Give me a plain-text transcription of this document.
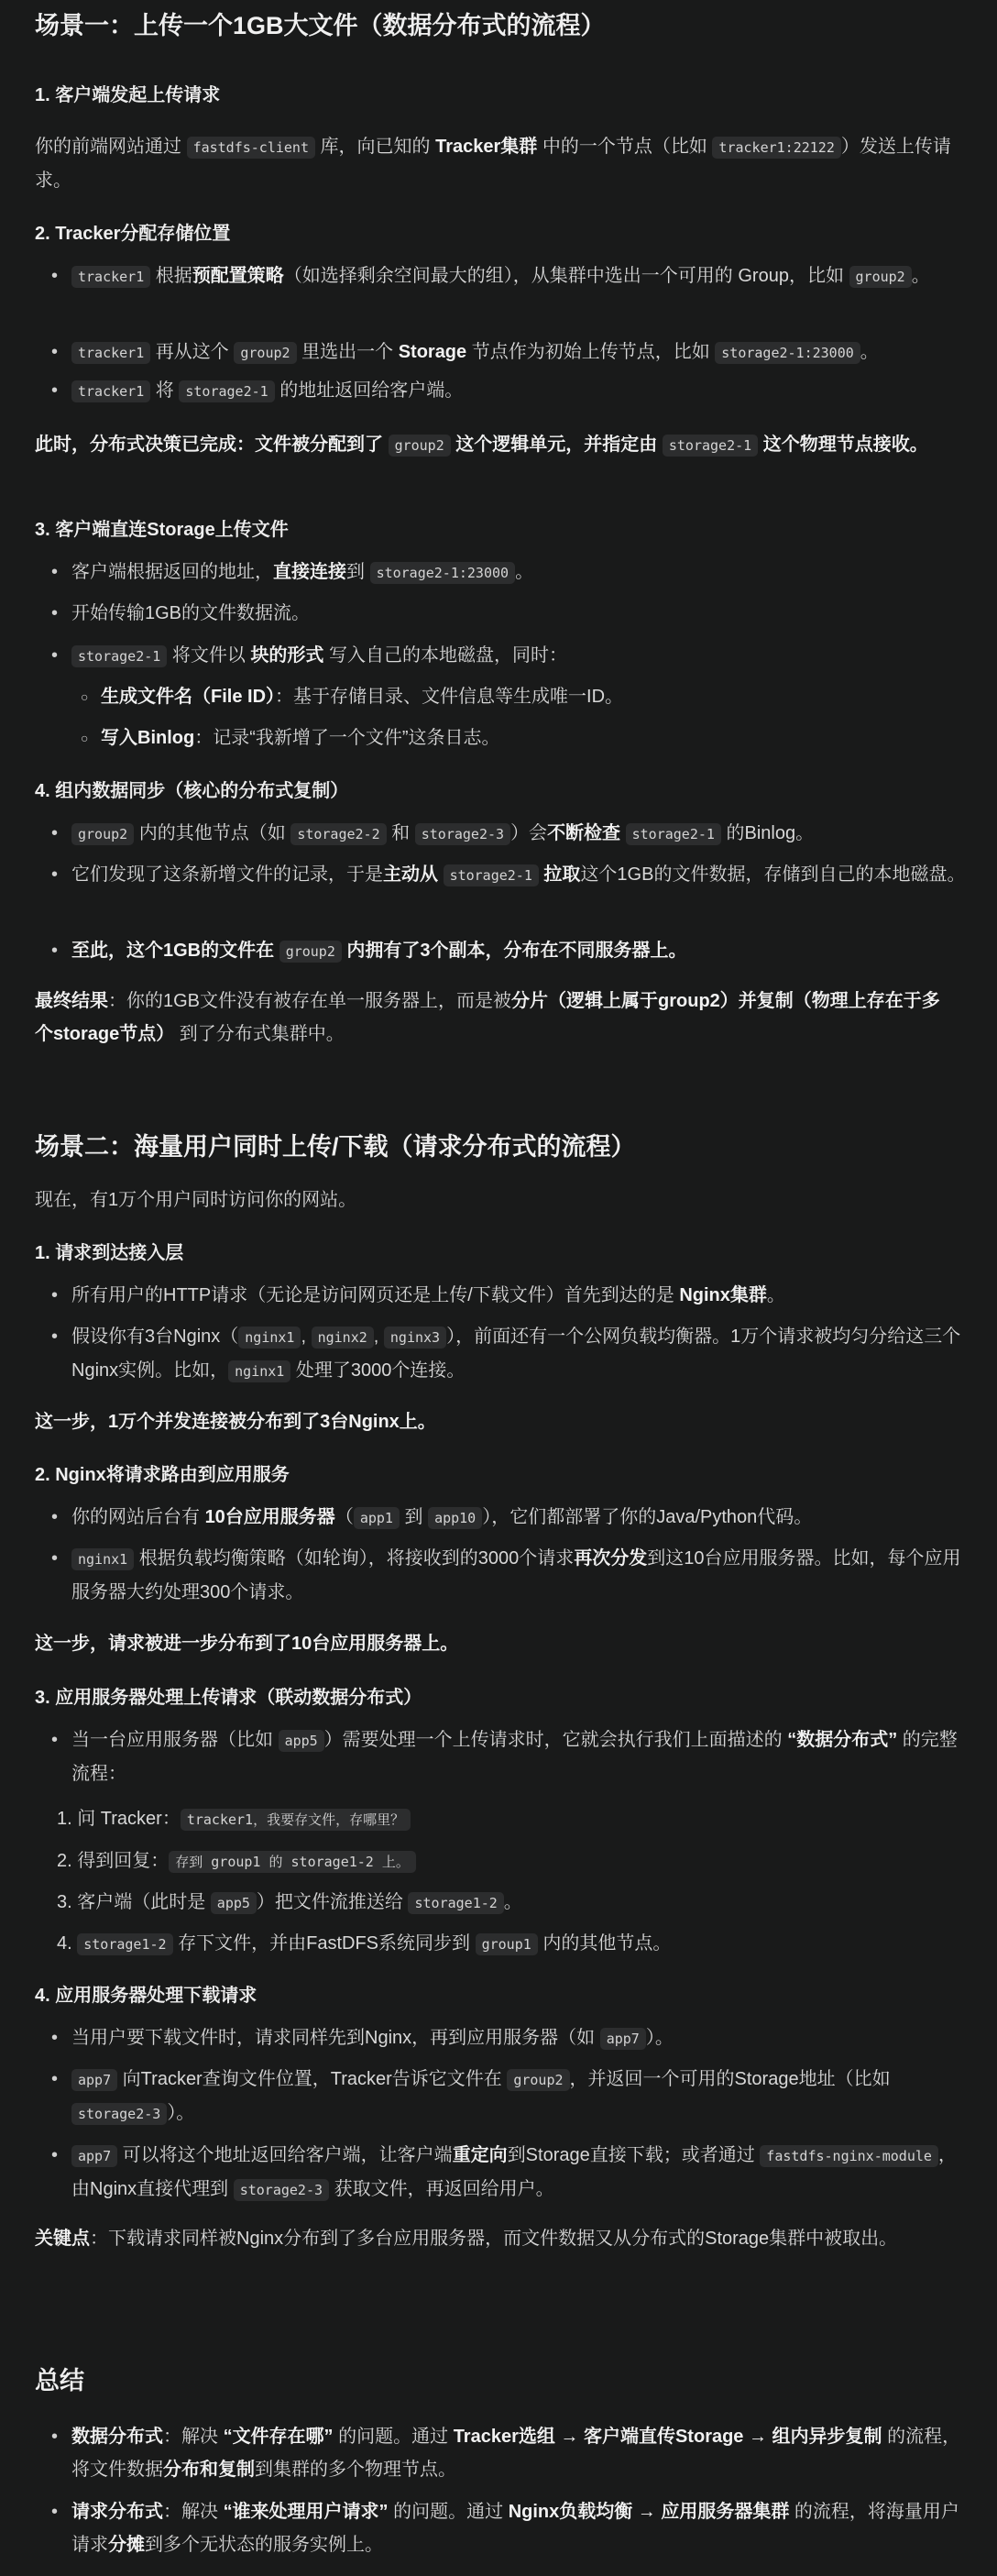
场景一：上传一个1GB大文件（数据分布式的流程）
1. 客户端发起上传请求
你的前端网站通过 fastdfs-client 库，向已知的 Tracker集群 中的一个节点（比如 tracker1:22122 ）发送上传请求。
2. Tracker分配存储位置
• tracker1 根据预配置策略（如选择剩余空间最大的组），从集群中选出一个可用的 Group，比如 group2 。
• tracker1 再从这个 group2 里选出一个 Storage 节点作为初始上传节点，比如 storage2-1:23000 。
• tracker1 将 storage2-1 的地址返回给客户端。
此时，分布式决策已完成：文件被分配到了 group2 这个逻辑单元，并指定由 storage2-1 这个物理节点接收。
3. 客户端直连Storage上传文件
• 客户端根据返回的地址，直接连接到 storage2-1:23000 。
• 开始传输1GB的文件数据流。
• storage2-1 将文件以 块的形式 写入自己的本地磁盘，同时：
○ 生成文件名（File ID）：基于存储目录、文件信息等生成唯一ID。
○ 写入Binlog：记录“我新增了一个文件”这条日志。
4. 组内数据同步（核心的分布式复制）
• group2 内的其他节点（如 storage2-2 和 storage2-3 ）会不断检查 storage2-1 的Binlog。
• 它们发现了这条新增文件的记录，于是主动从 storage2-1 拉取这个1GB的文件数据，存储到自己的本地磁盘。
• 至此，这个1GB的文件在 group2 内拥有了3个副本，分布在不同服务器上。
最终结果：你的1GB文件没有被存在单一服务器上，而是被分片（逻辑上属于group2）并复制（物理上存在于多个storage节点） 到了分布式集群中。
场景二：海量用户同时上传/下载（请求分布式的流程）
现在，有1万个用户同时访问你的网站。
1. 请求到达接入层
• 所有用户的HTTP请求（无论是访问网页还是上传/下载文件）首先到达的是 Nginx集群。
• 假设你有3台Nginx（ nginx1 , nginx2 , nginx3 ），前面还有一个公网负载均衡器。1万个请求被均匀分给这三个Nginx实例。比如， nginx1 处理了3000个连接。
这一步，1万个并发连接被分布到了3台Nginx上。
2. Nginx将请求路由到应用服务
• 你的网站后台有 10台应用服务器（ app1 到 app10 ），它们都部署了你的Java/Python代码。
• nginx1 根据负载均衡策略（如轮询），将接收到的3000个请求再次分发到这10台应用服务器。比如，每个应用服务器大约处理300个请求。
这一步，请求被进一步分布到了10台应用服务器上。
3. 应用服务器处理上传请求（联动数据分布式）
• 当一台应用服务器（比如 app5 ）需要处理一个上传请求时，它就会执行我们上面描述的 “数据分布式” 的完整流程：
1. 问 Tracker： tracker1，我要存文件，存哪里？
2. 得到回复： 存到 group1 的 storage1-2 上。
3. 客户端（此时是 app5 ）把文件流推送给 storage1-2 。
4. storage1-2 存下文件，并由FastDFS系统同步到 group1 内的其他节点。
4. 应用服务器处理下载请求
• 当用户要下载文件时，请求同样先到Nginx，再到应用服务器（如 app7 ）。
• app7 向Tracker查询文件位置，Tracker告诉它文件在 group2 ，并返回一个可用的Storage地址（比如 storage2-3 ）。
• app7 可以将这个地址返回给客户端，让客户端重定向到Storage直接下载；或者通过 fastdfs-nginx-module ，由Nginx直接代理到 storage2-3 获取文件，再返回给用户。
关键点：下载请求同样被Nginx分布到了多台应用服务器，而文件数据又从分布式的Storage集群中被取出。
总结
• 数据分布式：解决 “文件存在哪” 的问题。通过 Tracker选组 → 客户端直传Storage → 组内异步复制 的流程，将文件数据分布和复制到集群的多个物理节点。
• 请求分布式：解决 “谁来处理用户请求” 的问题。通过 Nginx负载均衡 → 应用服务器集群 的流程，将海量用户请求分摊到多个无状态的服务实例上。
